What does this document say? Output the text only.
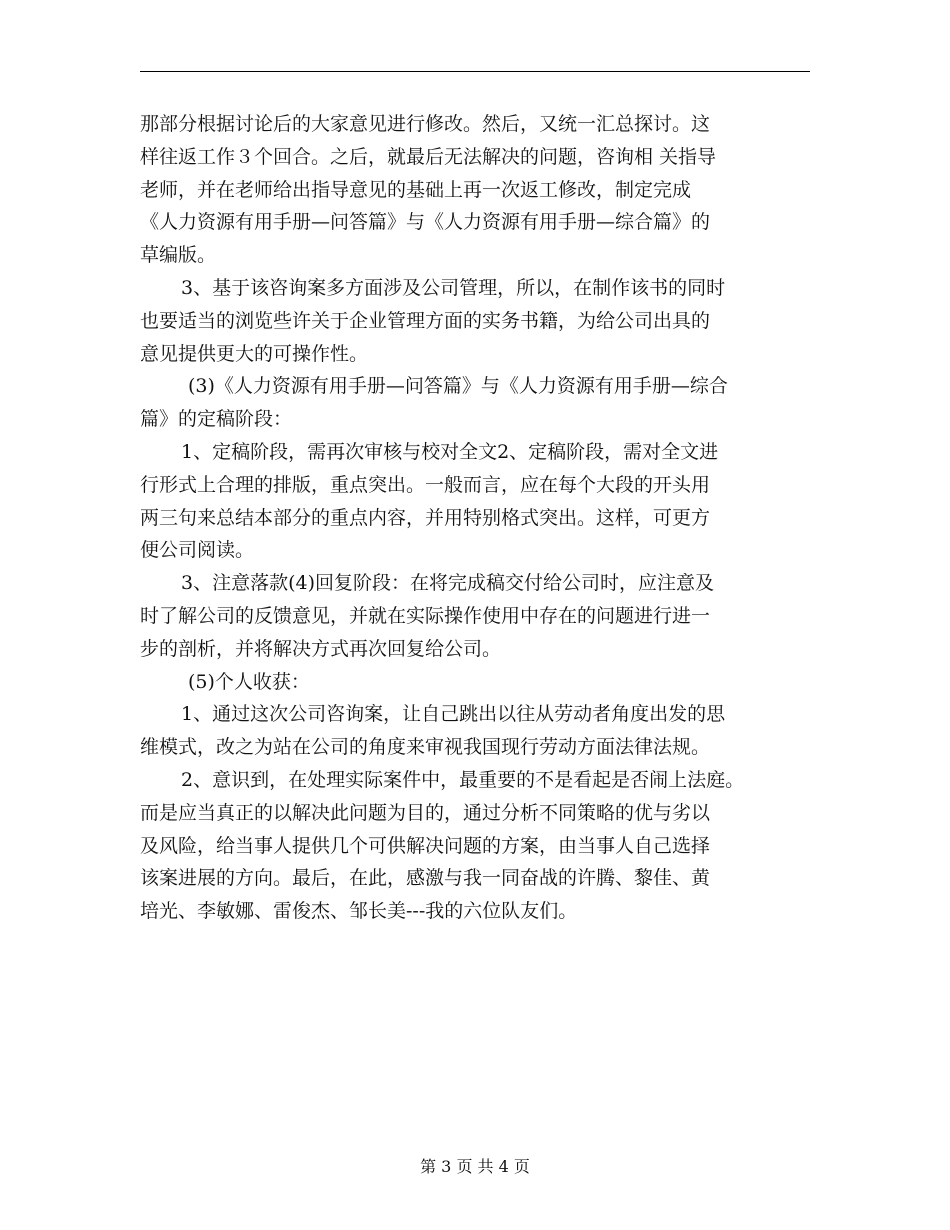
那部分根据讨论后的大家意见进行修改。然后，又统一汇总探讨。这
样往返工作３个回合。之后，就最后无法解决的问题，咨询相 关指导
老师，并在老师给出指导意见的基础上再一次返工修改，制定完成
《人力资源有用手册—问答篇》与《人力资源有用手册—综合篇》的
草编版。
3、基于该咨询案多方面涉及公司管理，所以，在制作该书的同时
也要适当的浏览些许关于企业管理方面的实务书籍，为给公司出具的
意见提供更大的可操作性。
(3)《人力资源有用手册—问答篇》与《人力资源有用手册—综合
篇》的定稿阶段：
1、定稿阶段，需再次审核与校对全文2、定稿阶段，需对全文进
行形式上合理的排版，重点突出。一般而言，应在每个大段的开头用
两三句来总结本部分的重点内容，并用特别格式突出。这样，可更方
便公司阅读。
3、注意落款(4)回复阶段：在将完成稿交付给公司时，应注意及
时了解公司的反馈意见，并就在实际操作使用中存在的问题进行进一
步的剖析，并将解决方式再次回复给公司。
(5)个人收获：
1、通过这次公司咨询案，让自己跳出以往从劳动者角度出发的思
维模式，改之为站在公司的角度来审视我国现行劳动方面法律法规。
2、意识到，在处理实际案件中，最重要的不是看起是否闹上法庭。
而是应当真正的以解决此问题为目的，通过分析不同策略的优与劣以
及风险，给当事人提供几个可供解决问题的方案，由当事人自己选择
该案进展的方向。最后，在此，感激与我一同奋战的许腾、黎佳、黄
培光、李敏娜、雷俊杰、邹长美---我的六位队友们。
第 3 页 共 4 页
